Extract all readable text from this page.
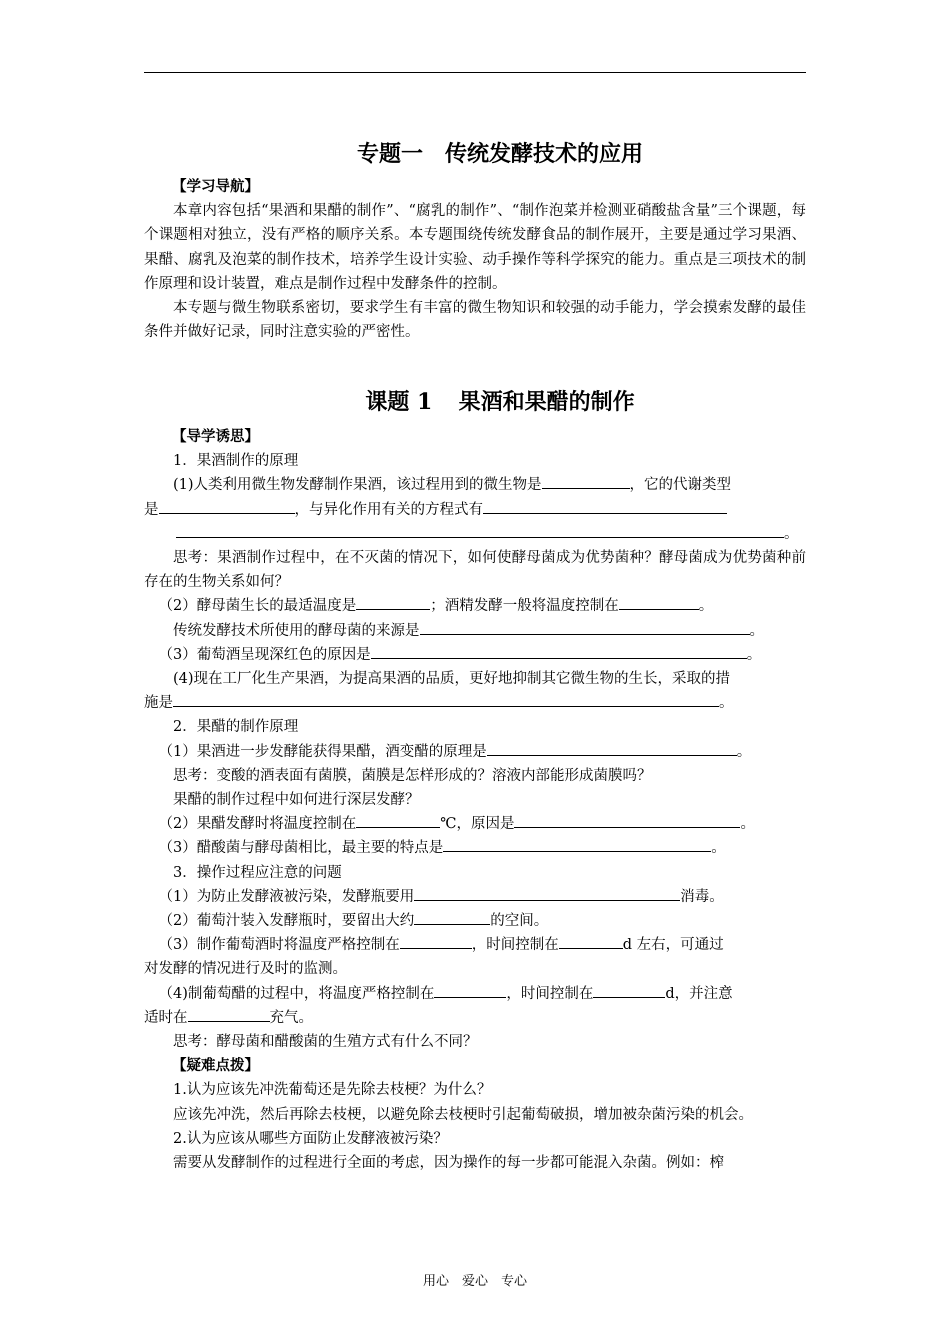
专题一　传统发酵技术的应用
【学习导航】
本章内容包括“果酒和果醋的制作”、“腐乳的制作”、“制作泡菜并检测亚硝酸盐含量”三个课题，每个课题相对独立，没有严格的顺序关系。本专题围绕传统发酵食品的制作展开，主要是通过学习果酒、果醋、腐乳及泡菜的制作技术，培养学生设计实验、动手操作等科学探究的能力。重点是三项技术的制作原理和设计装置，难点是制作过程中发酵条件的控制。
本专题与微生物联系密切，要求学生有丰富的微生物知识和较强的动手能力，学会摸索发酵的最佳条件并做好记录，同时注意实验的严密性。
课题 1 果酒和果醋的制作
【导学诱思】
1．果酒制作的原理
(1)人类利用微生物发酵制作果酒，该过程用到的微生物是	，它的代谢类型
是	，与异化作用有关的方程式有
。
思考：果酒制作过程中，在不灭菌的情况下，如何使酵母菌成为优势菌种？酵母菌成为优势菌种前存在的生物关系如何？
（2）酵母菌生长的最适温度是	；酒精发酵一般将温度控制在	。
传统发酵技术所使用的酵母菌的来源是	。
（3）葡萄酒呈现深红色的原因是	。
(4)现在工厂化生产果酒，为提高果酒的品质，更好地抑制其它微生物的生长，采取的措
施是	。
2．果醋的制作原理
（1）果酒进一步发酵能获得果醋，酒变醋的原理是	。
思考：变酸的酒表面有菌膜，菌膜是怎样形成的？溶液内部能形成菌膜吗？
果醋的制作过程中如何进行深层发酵？
（2）果醋发酵时将温度控制在	℃，原因是	。
（3）醋酸菌与酵母菌相比，最主要的特点是	。
3．操作过程应注意的问题
（1）为防止发酵液被污染，发酵瓶要用	消毒。
（2）葡萄汁装入发酵瓶时，要留出大约	的空间。
（3）制作葡萄酒时将温度严格控制在	，时间控制在	d 左右，可通过
对发酵的情况进行及时的监测。
（4)制葡萄醋的过程中，将温度严格控制在	，时间控制在	d，并注意
适时在	充气。
思考：酵母菌和醋酸菌的生殖方式有什么不同？
【疑难点拨】
1.认为应该先冲洗葡萄还是先除去枝梗？为什么？
应该先冲洗，然后再除去枝梗，以避免除去枝梗时引起葡萄破损，增加被杂菌污染的机会。
2.认为应该从哪些方面防止发酵液被污染？
需要从发酵制作的过程进行全面的考虑，因为操作的每一步都可能混入杂菌。例如：榨
用心　爱心　专心
